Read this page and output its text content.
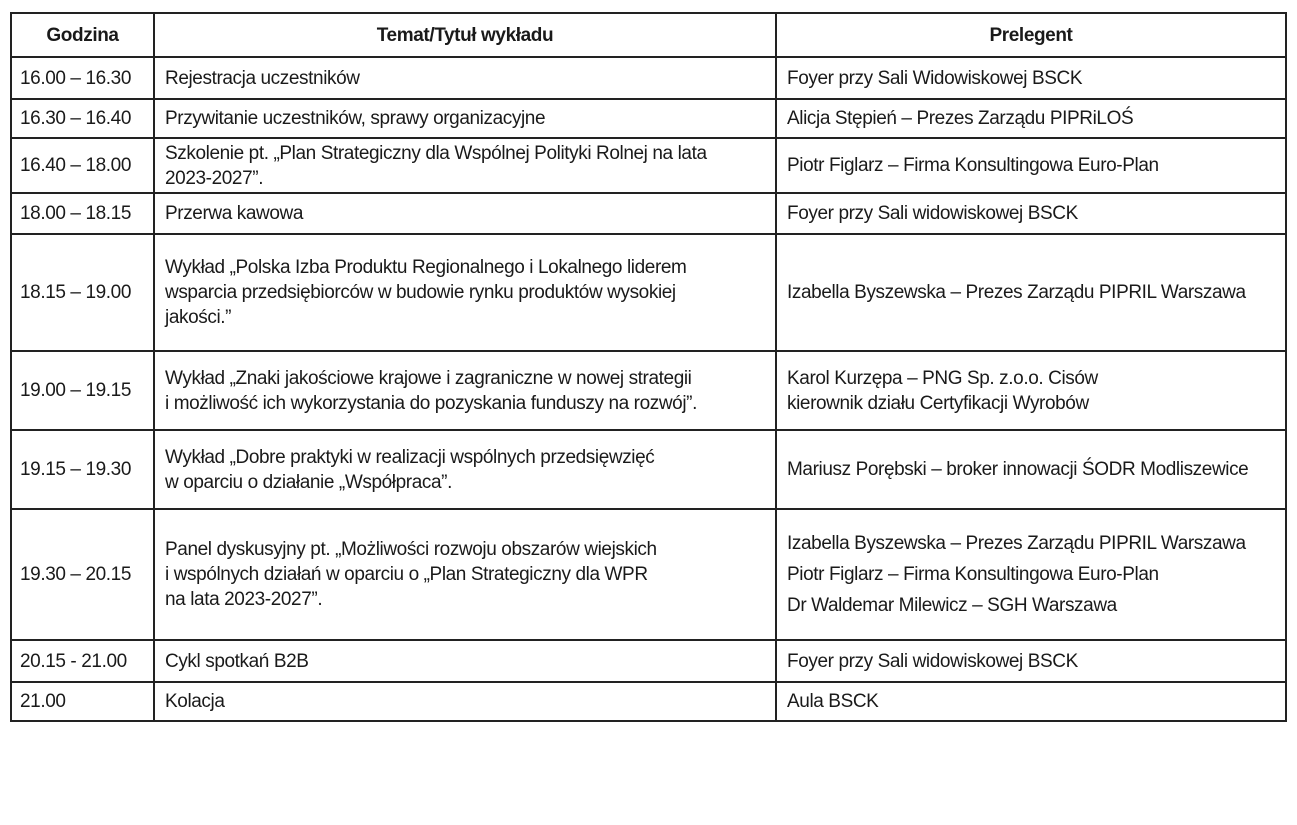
Godzina	Temat/Tytuł wykładu	Prelegent
16.00 – 16.30	Rejestracja uczestników	Foyer przy Sali Widowiskowej BSCK

16.30 – 16.40	Przywitanie uczestników, sprawy organizacyjne	Alicja Stępień – Prezes Zarządu PIPRiLOŚ

16.40 – 18.00	Szkolenie pt. „Plan Strategiczny dla Wspólnej Polityki Rolnej na lata
2023-2027”.	Piotr Figlarz – Firma Konsultingowa Euro-Plan

18.00 – 18.15	Przerwa kawowa	Foyer przy Sali widowiskowej BSCK

18.15 – 19.00	Wykład „Polska Izba Produktu Regionalnego i Lokalnego liderem
wsparcia przedsiębiorców w budowie rynku produktów wysokiej
jakości.”	Izabella Byszewska – Prezes Zarządu PIPRIL Warszawa

19.00 – 19.15	Wykład „Znaki jakościowe krajowe i zagraniczne w nowej strategii
i możliwość ich wykorzystania do pozyskania funduszy na rozwój”.	Karol Kurzępa – PNG Sp. z.o.o. Cisów
kierownik działu Certyfikacji Wyrobów

19.15 – 19.30	Wykład „Dobre praktyki w realizacji wspólnych przedsięwzięć
w oparciu o działanie „Współpraca”.	Mariusz Porębski – broker innowacji ŚODR Modliszewice

19.30 – 20.15	Panel dyskusyjny pt. „Możliwości rozwoju obszarów wiejskich
i wspólnych działań w oparciu o „Plan Strategiczny dla WPR
na lata 2023-2027”.	Izabella Byszewska – Prezes Zarządu PIPRIL Warszawa
Piotr Figlarz – Firma Konsultingowa Euro-Plan
Dr Waldemar Milewicz – SGH Warszawa

20.15 - 21.00	Cykl spotkań B2B	Foyer przy Sali widowiskowej BSCK

21.00	Kolacja	Aula BSCK
